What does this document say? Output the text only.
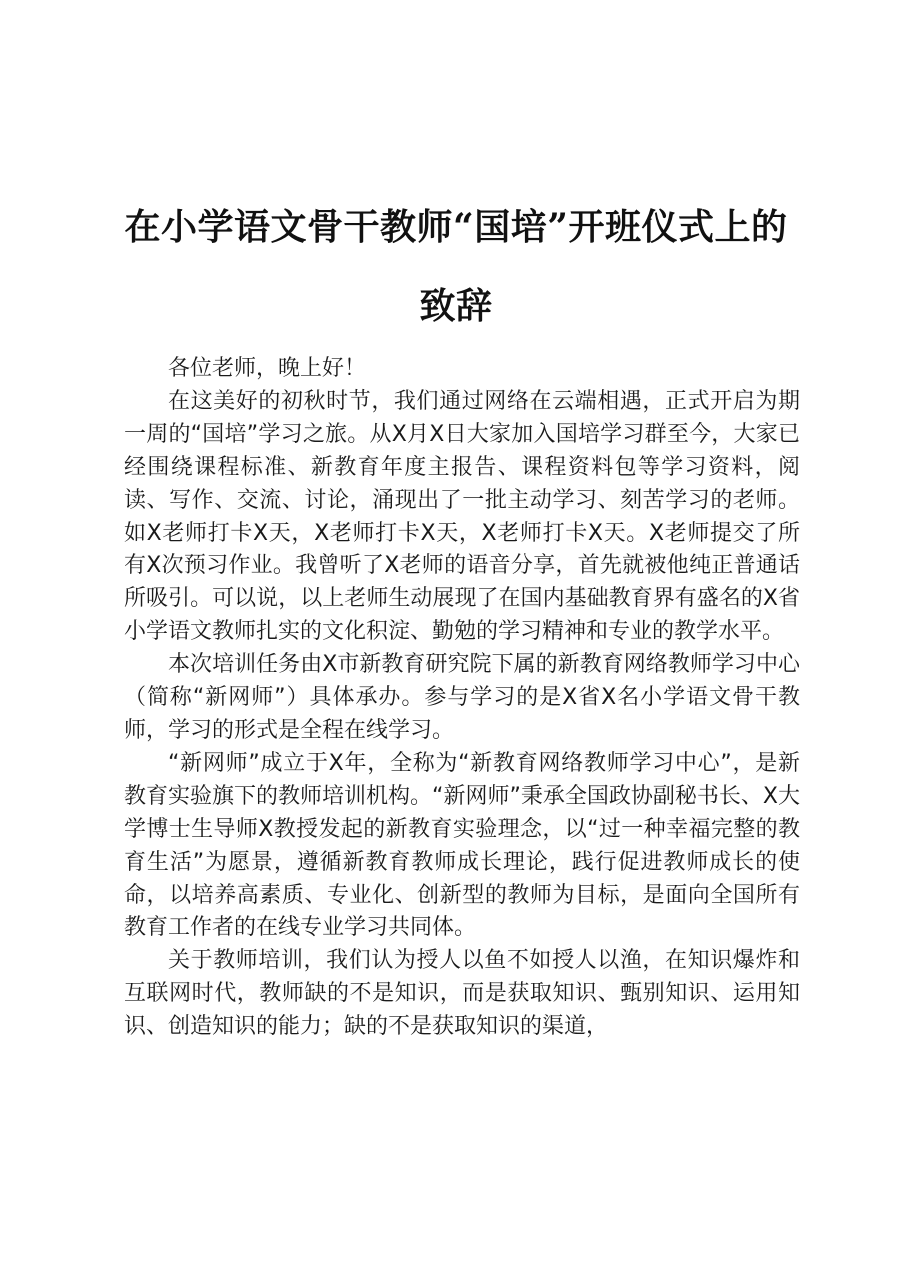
在小学语文骨干教师“国培”开班仪式上的致辞

各位老师，晚上好！

在这美好的初秋时节，我们通过网络在云端相遇，正式开启为期一周的“国培”学习之旅。从X月X日大家加入国培学习群至今，大家已经围绕课程标准、新教育年度主报告、课程资料包等学习资料，阅读、写作、交流、讨论，涌现出了一批主动学习、刻苦学习的老师。如X老师打卡X天，X老师打卡X天，X老师打卡X天。X老师提交了所有X次预习作业。我曾听了X老师的语音分享，首先就被他纯正普通话所吸引。可以说，以上老师生动展现了在国内基础教育界有盛名的X省小学语文教师扎实的文化积淀、勤勉的学习精神和专业的教学水平。

本次培训任务由X市新教育研究院下属的新教育网络教师学习中心（简称“新网师”）具体承办。参与学习的是X省X名小学语文骨干教师，学习的形式是全程在线学习。

“新网师”成立于X年，全称为“新教育网络教师学习中心”，是新教育实验旗下的教师培训机构。“新网师”秉承全国政协副秘书长、X大学博士生导师X教授发起的新教育实验理念，以“过一种幸福完整的教育生活”为愿景，遵循新教育教师成长理论，践行促进教师成长的使命，以培养高素质、专业化、创新型的教师为目标，是面向全国所有教育工作者的在线专业学习共同体。

关于教师培训，我们认为授人以鱼不如授人以渔，在知识爆炸和互联网时代，教师缺的不是知识，而是获取知识、甄别知识、运用知识、创造知识的能力；缺的不是获取知识的渠道，
